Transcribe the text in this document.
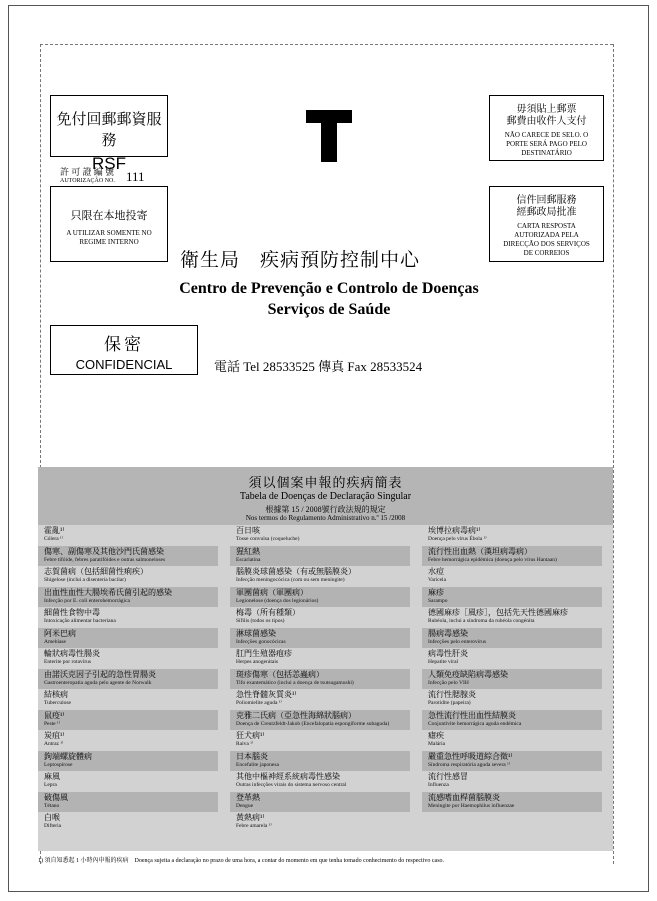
免付回郵郵資服務
RSF
許 可 證 編 號
AUTORIZAÇÃO NO. 111
只限在本地投寄
A UTILIZAR SOMENTE NO
REGIME INTERNO
毋須貼上郵票
郵費由收件人支付
NÃO CARECE DE SELO. O
PORTE SERÁ PAGO PELO
DESTINATÁRIO
信件回郵服務
經郵政局批准
CARTA RESPOSTA
AUTORIZADA PELA
DIRECÇÃO DOS SERVIÇOS
DE CORREIOS
衛生局　疾病預防控制中心
Centro de Prevenção e Controlo de Doenças
Serviços de Saúde
保密
CONFIDENCIAL	電話 Tel 28533525 傳真 Fax 28533524
須以個案申報的疾病簡表
Tabela de Doenças de Declaração Singular
根據第 15 / 2008號行政法規的規定
Nos termos do Regulamento Administrativo n.º 15 /2008
霍亂¹⁾
Cólera ¹⁾
傷寒、副傷寒及其他沙門氏菌感染
Febre tifóide, febres paratifóides e outras salmoneloses
志賀菌病（包括細菌性痢疾）
Shigelose (inclui a disenteria bacilar)
出血性血性大腸埃希氏菌引起的感染
Infecção por E. coli enterohemorrágica
細菌性食物中毒
Intoxicação alimentar bacteriana
阿米巴病
Amebíase
輪狀病毒性腸炎
Enterite por rotavírus
由諾沃克因子引起的急性胃腸炎
Gastroenteropatia aguda pelo agente de Norwalk
結核病
Tuberculose
鼠疫¹⁾
Peste ¹⁾
炭疽¹⁾
Antraz ¹⁾
鉤端螺旋體病
Leptospirose
麻風
Lepra
破傷風
Tétano
白喉
Difteria
百日咳
Tosse convulsa (coqueluche)
猩紅熱
Escarlatina
腦膜炎球菌感染（有或無腦膜炎）
Infecção meningocócica (com ou sem meningite)
軍團菌病（軍團病）
Legionelose (doença dos legionários)
梅毒（所有種類）
Sífilis (todos os tipos)
淋球菌感染
Infecções gonocócicas
肛門生殖器疱疹
Herpes anogenitais
斑疹傷寒（包括恙蟲病）
Tifo exantemático (inclui a doença de tsutsugamushi)
急性脊髓灰質炎¹⁾
Poliomielite aguda ¹⁾
克雅二氏病（亞急性海綿狀腦病）
Doença de Creutzfeldt-Jakob (Encefalopatia espongiforme subaguda)
狂犬病¹⁾
Raiva ¹⁾
日本腦炎
Encefalite japonesa
其他中樞神經系統病毒性感染
Outras infecções virais do sistema nervoso central
登革熱
Dengue
黃熱病¹⁾
Febre amarela ¹⁾
埃博拉病毒病¹⁾
Doença pelo vírus Ébola ¹⁾
流行性出血熱（漢坦病毒病）
Febre hemorrágica epidémica (doença pelo vírus Hantaan)
水痘
Varicela
麻疹
Sarampo
德國麻疹［風疹］，包括先天性德國麻疹
Rubéola, inclui a síndroma da rubéola congénita
腸病毒感染
Infecções pelo enterovírus
病毒性肝炎
Hepatite viral
人類免疫缺陷病毒感染
Infecção pelo VIH
流行性腮腺炎
Parotidite (papeira)
急性流行性出血性結膜炎
Conjuntivite hemorrágica aguda endémica
瘧疾
Malária
嚴重急性呼吸道綜合徵¹⁾
Síndroma respiratória aguda severa ¹⁾
流行性感冒
Influenza
流感嗜血桿菌腦膜炎
Meningite por Haemophilus influenzae
1) 須自知悉起 1 小時內申報的疾病　Doença sujeita a declaração no prazo de uma hora, a contar do momento em que tenha tomado conhecimento do respectivo caso.
